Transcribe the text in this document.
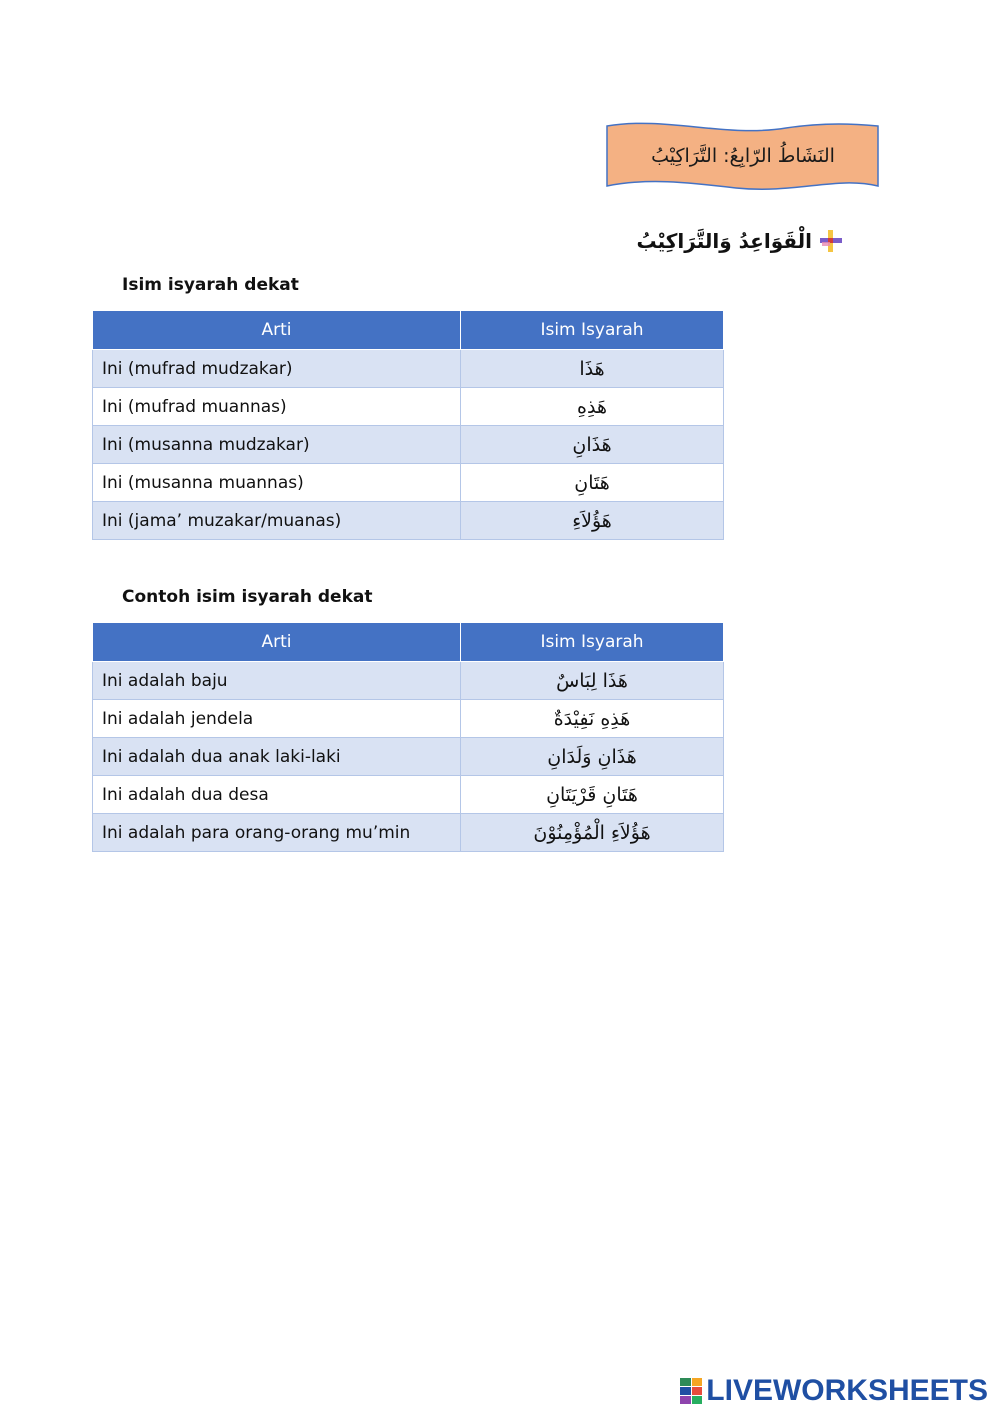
النَشَاطُ الرّابِعُ: التَّرَاكِيْبُ
الْقَوَاعِدُ وَالتَّرَاكِيْبُ
Isim isyarah dekat
Arti	Isim Isyarah
Ini (mufrad mudzakar)	هَذَا
Ini (mufrad muannas)	هَذِهِ
Ini (musanna mudzakar)	هَذَانِ
Ini (musanna muannas)	هَتَانِ
Ini (jama’ muzakar/muanas)	هَؤُلاَءِ
Contoh isim isyarah dekat
Arti	Isim Isyarah
Ini adalah baju	هَذَا لِبَاسٌ
Ini adalah jendela	هَذِهِ نَفِيْدَةٌ
Ini adalah dua anak laki-laki	هَذَانِ وَلَدَانِ
Ini adalah dua desa	هَتَانِ قَرْيَتَانِ
Ini adalah para orang-orang mu’min	هَؤُلاَءِ الْمُؤْمِنُوْنَ
LIVEWORKSHEETS
